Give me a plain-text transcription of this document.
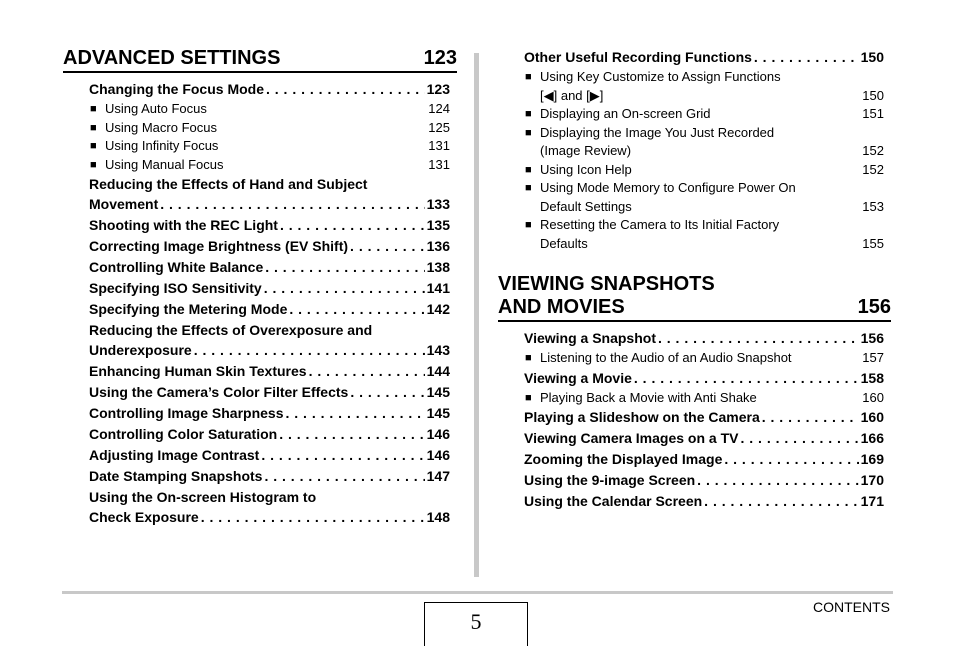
ADVANCED SETTINGS	123
Changing the Focus Mode . . .	123
■ Using Auto Focus	124
■ Using Macro Focus	125
■ Using Infinity Focus	131
■ Using Manual Focus	131
Reducing the Effects of Hand and Subject
Movement . . .	133
Shooting with the REC Light . . .	135
Correcting Image Brightness (EV Shift) . . .	136
Controlling White Balance . . .	138
Specifying ISO Sensitivity . . .	141
Specifying the Metering Mode . . .	142
Reducing the Effects of Overexposure and
Underexposure . . .	143
Enhancing Human Skin Textures . . .	144
Using the Camera’s Color Filter Effects . . .	145
Controlling Image Sharpness . . .	145
Controlling Color Saturation . . .	146
Adjusting Image Contrast . . .	146
Date Stamping Snapshots . . .	147
Using the On-screen Histogram to
Check Exposure . . .	148
Other Useful Recording Functions . . .	150
■ Using Key Customize to Assign Functions
[◀] and [▶]	150
■ Displaying an On-screen Grid	151
■ Displaying the Image You Just Recorded
(Image Review)	152
■ Using Icon Help	152
■ Using Mode Memory to Configure Power On
Default Settings	153
■ Resetting the Camera to Its Initial Factory
Defaults	155
VIEWING SNAPSHOTS
AND MOVIES	156
Viewing a Snapshot . . .	156
■ Listening to the Audio of an Audio Snapshot	157
Viewing a Movie . . .	158
■ Playing Back a Movie with Anti Shake	160
Playing a Slideshow on the Camera . . .	160
Viewing Camera Images on a TV . . .	166
Zooming the Displayed Image . . .	169
Using the 9-image Screen . . .	170
Using the Calendar Screen . . .	171
5
CONTENTS
